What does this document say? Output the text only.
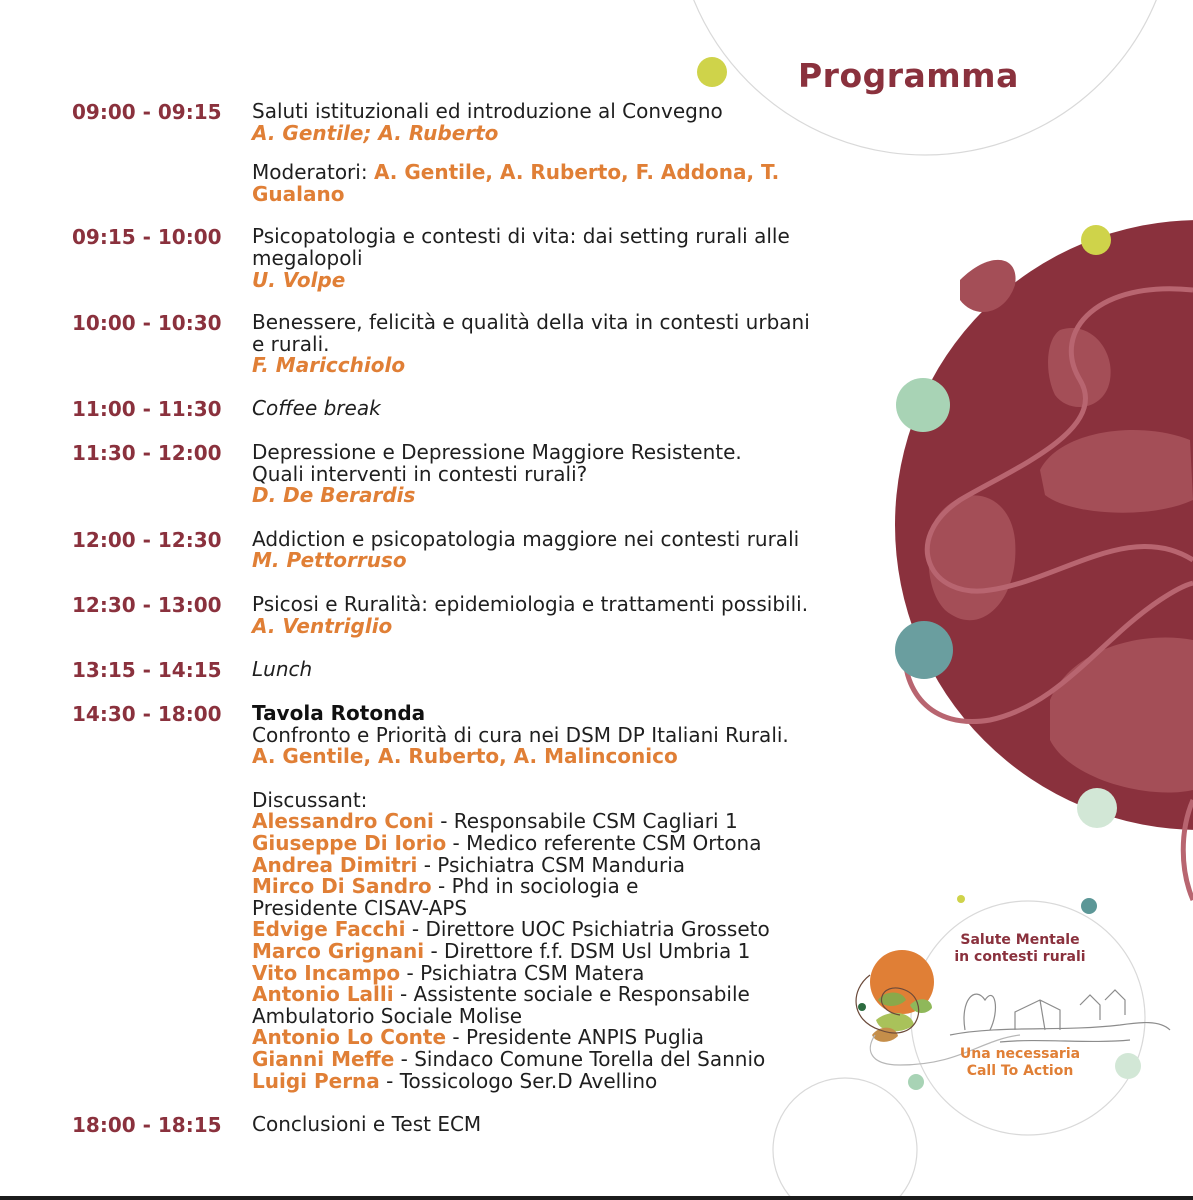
Programma
09:00 - 09:15	Saluti istituzionali ed introduzione al Convegno
A. Gentile; A. Ruberto
Moderatori: A. Gentile, A. Ruberto, F. Addona, T. Gualano
09:15 - 10:00	Psicopatologia e contesti di vita: dai setting rurali alle
megalopoli
U. Volpe
10:00 - 10:30	Benessere, felicità e qualità della vita in contesti urbani
e rurali.
F. Maricchiolo
11:00 - 11:30	Coffee break
11:30 - 12:00	Depressione e Depressione Maggiore Resistente.
Quali interventi in contesti rurali?
D. De Berardis
12:00 - 12:30	Addiction e psicopatologia maggiore nei contesti rurali
M. Pettorruso
12:30 - 13:00	Psicosi e Ruralità: epidemiologia e trattamenti possibili.
A. Ventriglio
13:15 - 14:15	Lunch
14:30 - 18:00	Tavola Rotonda
Confronto e Priorità di cura nei DSM DP Italiani Rurali.
A. Gentile, A. Ruberto, A. Malinconico
Discussant:
Alessandro Coni - Responsabile CSM Cagliari 1
Giuseppe Di Iorio - Medico referente CSM Ortona
Andrea Dimitri - Psichiatra CSM Manduria
Mirco Di Sandro - Phd in sociologia e
Presidente CISAV-APS
Edvige Facchi - Direttore UOC Psichiatria Grosseto
Marco Grignani - Direttore f.f. DSM Usl Umbria 1
Vito Incampo - Psichiatra CSM Matera
Antonio Lalli - Assistente sociale e Responsabile
Ambulatorio Sociale Molise
Antonio Lo Conte - Presidente ANPIS Puglia
Gianni Meffe - Sindaco Comune Torella del Sannio
Luigi Perna - Tossicologo Ser.D Avellino
18:00 - 18:15	Conclusioni e Test ECM
Salute Mentale
in contesti rurali
Una necessaria
Call To Action
